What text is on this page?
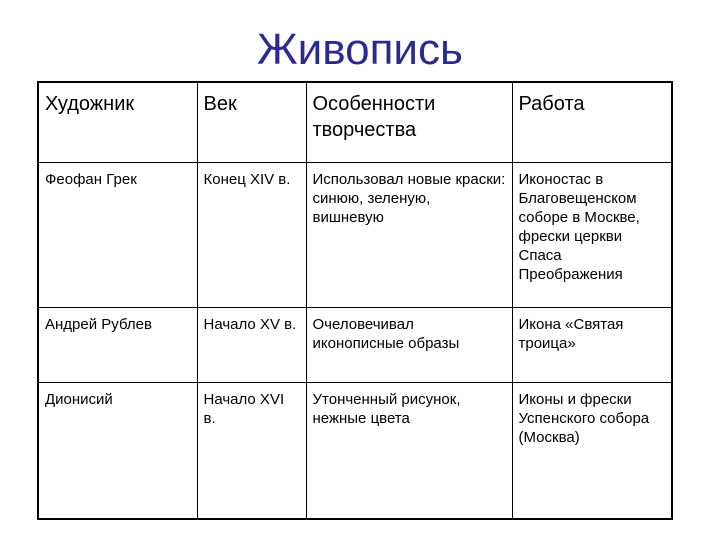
Живопись
Художник	Век	Особенности творчества	Работа
Феофан Грек	Конец XIV в.	Использовал новые краски: синюю, зеленую, вишневую	Иконостас в Благовещенском соборе в Москве, фрески церкви Спаса Преображения
Андрей Рублев	Начало XV в.	Очеловечивал иконописные образы	Икона «Святая троица»
Дионисий	Начало XVI в.	Утонченный рисунок, нежные цвета	Иконы и фрески Успенского собора (Москва)
